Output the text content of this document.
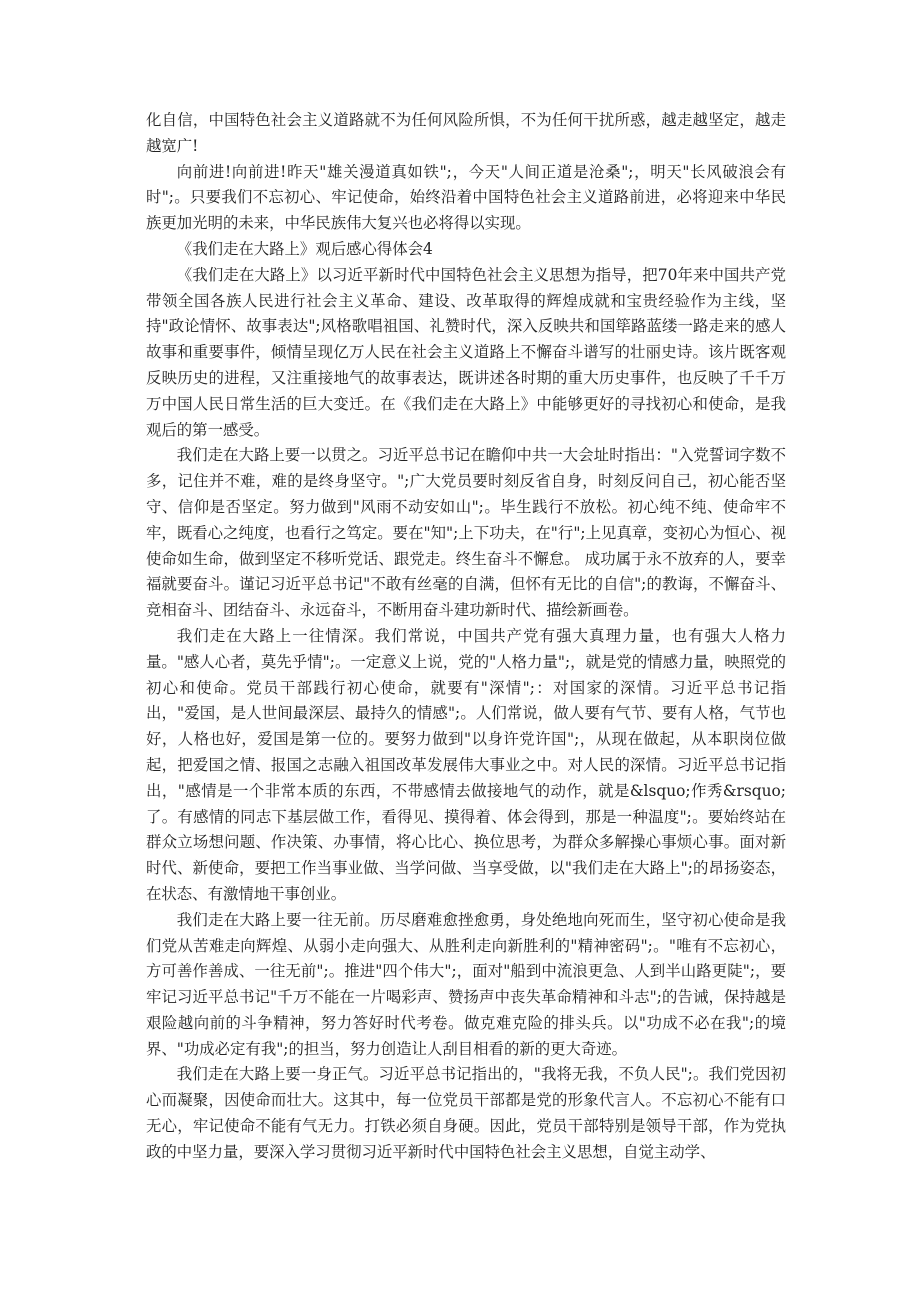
化自信，中国特色社会主义道路就不为任何风险所惧，不为任何干扰所惑，越走越坚定，越走越宽广!

向前进!向前进!昨天"雄关漫道真如铁";，今天"人间正道是沧桑";，明天"长风破浪会有时";。只要我们不忘初心、牢记使命，始终沿着中国特色社会主义道路前进，必将迎来中华民族更加光明的未来，中华民族伟大复兴也必将得以实现。

《我们走在大路上》观后感心得体会4

《我们走在大路上》以习近平新时代中国特色社会主义思想为指导，把70年来中国共产党带领全国各族人民进行社会主义革命、建设、改革取得的辉煌成就和宝贵经验作为主线，坚持"政论情怀、故事表达";风格歌唱祖国、礼赞时代，深入反映共和国筚路蓝缕一路走来的感人故事和重要事件，倾情呈现亿万人民在社会主义道路上不懈奋斗谱写的壮丽史诗。该片既客观反映历史的进程，又注重接地气的故事表达，既讲述各时期的重大历史事件，也反映了千千万万中国人民日常生活的巨大变迁。在《我们走在大路上》中能够更好的寻找初心和使命，是我观后的第一感受。

我们走在大路上要一以贯之。习近平总书记在瞻仰中共一大会址时指出："入党誓词字数不多，记住并不难，难的是终身坚守。";广大党员要时刻反省自身，时刻反问自己，初心能否坚守、信仰是否坚定。努力做到"风雨不动安如山";。毕生践行不放松。初心纯不纯、使命牢不牢，既看心之纯度，也看行之笃定。要在"知";上下功夫，在"行";上见真章，变初心为恒心、视使命如生命，做到坚定不移听党话、跟党走。终生奋斗不懈怠。 成功属于永不放弃的人，要幸福就要奋斗。谨记习近平总书记"不敢有丝毫的自满，但怀有无比的自信";的教诲，不懈奋斗、竞相奋斗、团结奋斗、永远奋斗，不断用奋斗建功新时代、描绘新画卷。

我们走在大路上一往情深。我们常说，中国共产党有强大真理力量，也有强大人格力量。"感人心者，莫先乎情";。一定意义上说，党的"人格力量";，就是党的情感力量，映照党的初心和使命。党员干部践行初心使命，就要有"深情";：对国家的深情。习近平总书记指出，"爱国，是人世间最深层、最持久的情感";。人们常说，做人要有气节、要有人格，气节也好，人格也好，爱国是第一位的。要努力做到"以身许党许国";，从现在做起，从本职岗位做起，把爱国之情、报国之志融入祖国改革发展伟大事业之中。对人民的深情。习近平总书记指出，"感情是一个非常本质的东西，不带感情去做接地气的动作，就是&lsquo;作秀&rsquo;了。有感情的同志下基层做工作，看得见、摸得着、体会得到，那是一种温度";。要始终站在群众立场想问题、作决策、办事情，将心比心、换位思考，为群众多解操心事烦心事。面对新时代、新使命，要把工作当事业做、当学问做、当享受做，以"我们走在大路上";的昂扬姿态，在状态、有激情地干事创业。

我们走在大路上要一往无前。历尽磨难愈挫愈勇，身处绝地向死而生，坚守初心使命是我们党从苦难走向辉煌、从弱小走向强大、从胜利走向新胜利的"精神密码";。"唯有不忘初心，方可善作善成、一往无前";。推进"四个伟大";，面对"船到中流浪更急、人到半山路更陡";，要牢记习近平总书记"千万不能在一片喝彩声、赞扬声中丧失革命精神和斗志";的告诫，保持越是艰险越向前的斗争精神，努力答好时代考卷。做克难克险的排头兵。以"功成不必在我";的境界、"功成必定有我";的担当，努力创造让人刮目相看的新的更大奇迹。

我们走在大路上要一身正气。习近平总书记指出的，"我将无我，不负人民";。我们党因初心而凝聚，因使命而壮大。这其中，每一位党员干部都是党的形象代言人。不忘初心不能有口无心，牢记使命不能有气无力。打铁必须自身硬。因此，党员干部特别是领导干部，作为党执政的中坚力量，要深入学习贯彻习近平新时代中国特色社会主义思想，自觉主动学、
